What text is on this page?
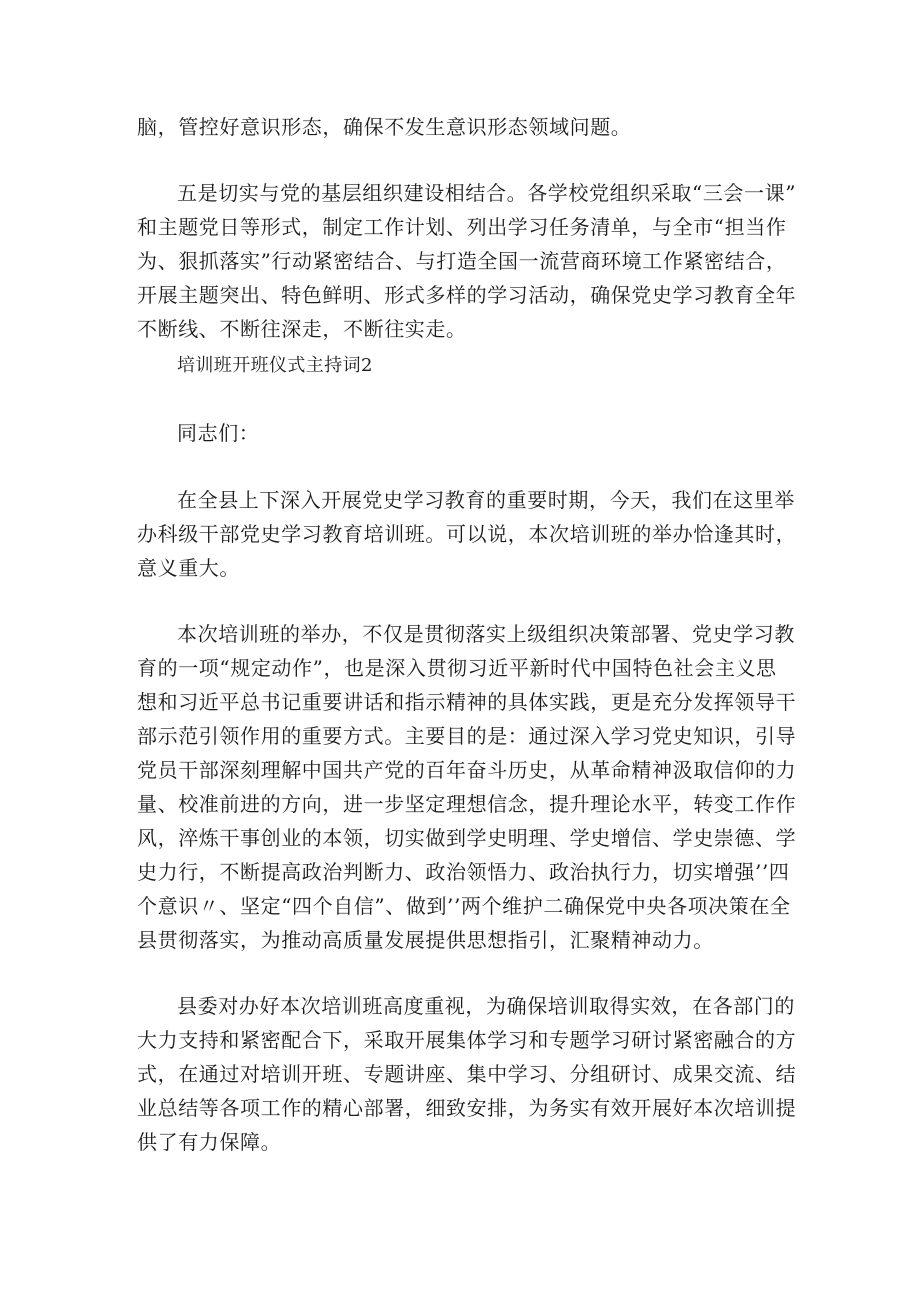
脑，管控好意识形态，确保不发生意识形态领域问题。

五是切实与党的基层组织建设相结合。各学校党组织采取“三会一课”
和主题党日等形式，制定工作计划、列出学习任务清单，与全市“担当作
为、狠抓落实”行动紧密结合、与打造全国一流营商环境工作紧密结合，
开展主题突出、特色鲜明、形式多样的学习活动，确保党史学习教育全年
不断线、不断往深走，不断往实走。

培训班开班仪式主持词2

同志们：

在全县上下深入开展党史学习教育的重要时期，今天，我们在这里举
办科级干部党史学习教育培训班。可以说，本次培训班的举办恰逢其时，
意义重大。

本次培训班的举办，不仅是贯彻落实上级组织决策部署、党史学习教
育的一项“规定动作”，也是深入贯彻习近平新时代中国特色社会主义思
想和习近平总书记重要讲话和指示精神的具体实践，更是充分发挥领导干
部示范引领作用的重要方式。主要目的是：通过深入学习党史知识，引导
党员干部深刻理解中国共产党的百年奋斗历史，从革命精神汲取信仰的力
量、校准前进的方向，进一步坚定理想信念，提升理论水平，转变工作作
风，淬炼干事创业的本领，切实做到学史明理、学史增信、学史崇德、学
史力行，不断提高政治判断力、政治领悟力、政治执行力，切实增强’’四
个意识〃、坚定“四个自信”、做到’’两个维护二确保党中央各项决策在全
县贯彻落实，为推动高质量发展提供思想指引，汇聚精神动力。

县委对办好本次培训班高度重视，为确保培训取得实效，在各部门的
大力支持和紧密配合下，采取开展集体学习和专题学习研讨紧密融合的方
式，在通过对培训开班、专题讲座、集中学习、分组研讨、成果交流、结
业总结等各项工作的精心部署，细致安排，为务实有效开展好本次培训提
供了有力保障。
